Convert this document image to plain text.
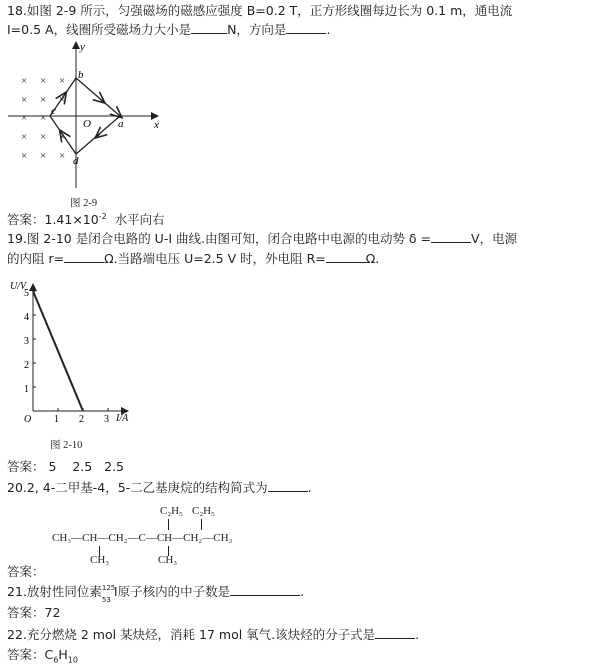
18.如图 2-9 所示，匀强磁场的磁感应强度 B=0.2 T，正方形线圈每边长为 0.1 m，通电流
I=0.5 A，线圈所受磁场力大小是	N，方向是	.
× × ×
× × ×
× ×
× × ×
× × ×
y
x
O a
b
c
d
图 2-9
答案：$1.41\times 10^{-2}$  水平向右
19.图 2-10 是闭合电路的 U-I 曲线.由图可知，闭合电路中电源的电动势 δ =	V，电源
的内阻 r=	Ω.当路端电压 U=2.5 V 时，外电阻 R=	Ω.
U/V
I/A
O
5
4
3
2
1
1 2 3
图 2-10
答案： 5    2.5   2.5
20.2, 4-二甲基-4，5-二乙基庚烷的结构简式为	.
C₂H₅ C₂H₅
CH₃—CH—CH₂—C—CH—CH₂—CH₃
CH₃	CH₃
答案：
21.放射性同位素 125
53
I原子核内的中子数是	.
答案：72
22.充分燃烧 2 mol 某炔烃，消耗 17 mol 氧气.该炔烃的分子式是	.
答案：$C_6H_{10}$
